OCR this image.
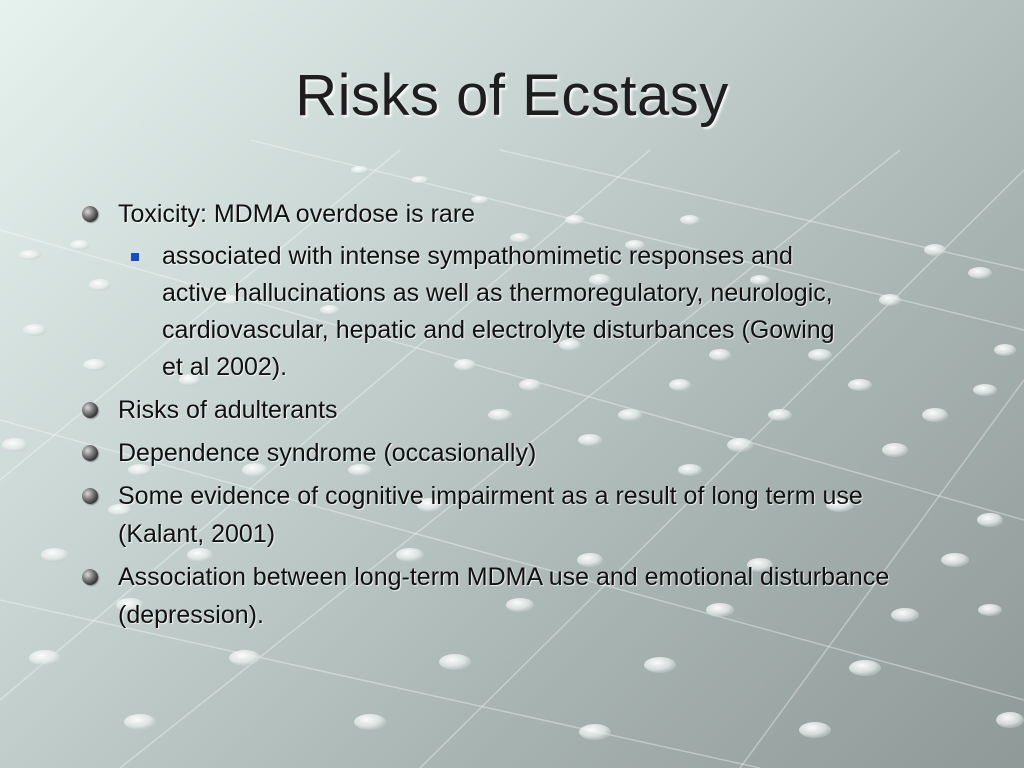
Risks of Ecstasy
Toxicity: MDMA overdose is rare
associated with intense sympathomimetic responses and active hallucinations as well as thermoregulatory, neurologic, cardiovascular, hepatic and electrolyte disturbances (Gowing et al 2002).
Risks of adulterants
Dependence syndrome (occasionally)
Some evidence of cognitive impairment as a result of long term use (Kalant, 2001)
Association between long-term MDMA use and emotional disturbance (depression).
